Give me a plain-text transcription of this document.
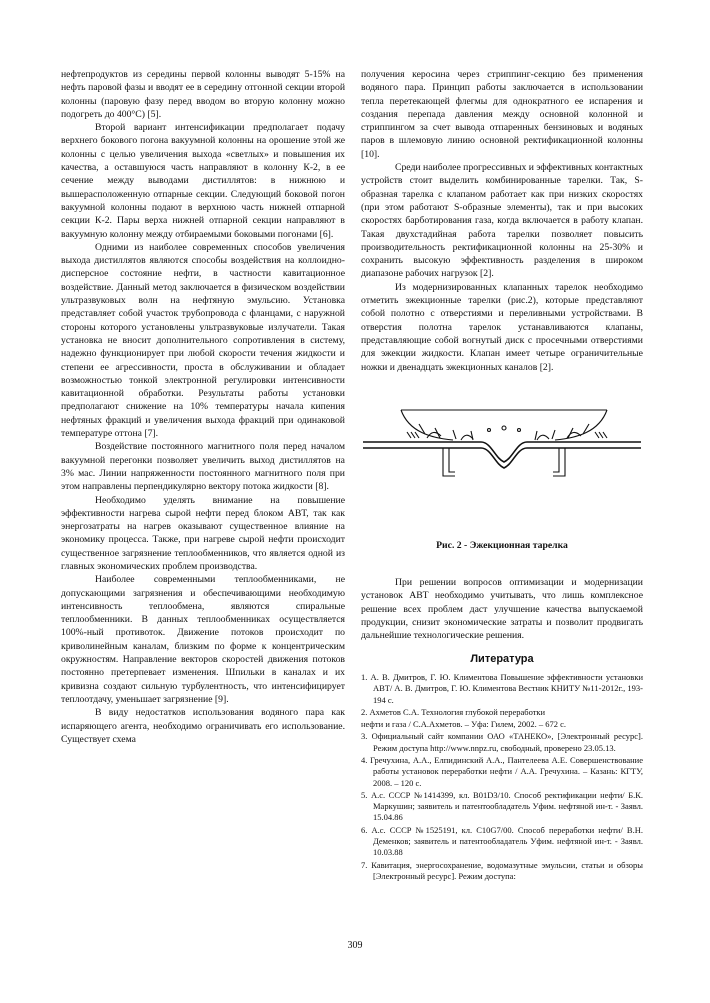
нефтепродуктов из середины первой колонны выводят 5-15% на нефть паровой фазы и вводят ее в середину отгонной секции второй колонны (паровую фазу перед вводом во вторую колонну можно подогреть до 400°С) [5].

Второй вариант интенсификации предполагает подачу верхнего бокового погона вакуумной колонны на орошение этой же колонны с целью увеличения выхода «светлых» и повышения их качества, а оставшуюся часть направляют в колонну К-2, в ее сечение между выводами дистиллятов: в нижнюю и вышерасположенную отпарные секции. Следующий боковой погон вакуумной колонны подают в верхнюю часть нижней отпарной секции К-2. Пары верха нижней отпарной секции направляют в вакуумную колонну между отбираемыми боковыми погонами [6].

Одними из наиболее современных способов увеличения выхода дистиллятов являются способы воздействия на коллоидно-дисперсное состояние нефти, в частности кавитационное воздействие. Данный метод заключается в физическом воздействии ультразвуковых волн на нефтяную эмульсию. Установка представляет собой участок трубопровода с фланцами, с наружной стороны которого установлены ультразвуковые излучатели. Такая установка не вносит дополнительного сопротивления в систему, надежно функционирует при любой скорости течения жидкости и степени ее агрессивности, проста в обслуживании и обладает возможностью тонкой электронной регулировки интенсивности кавитационной обработки. Результаты работы установки предполагают снижение на 10% температуры начала кипения нефтяных фракций и увеличения выхода фракций при одинаковой температуре оттона [7].

Воздействие постоянного магнитного поля перед началом вакуумной перегонки позволяет увеличить выход дистиллятов на 3% мас. Линии напряженности постоянного магнитного поля при этом направлены перпендикулярно вектору потока жидкости [8].

Необходимо уделять внимание на повышение эффективности нагрева сырой нефти перед блоком АВТ, так как энергозатраты на нагрев оказывают существенное влияние на экономику процесса. Также, при нагреве сырой нефти происходит существенное загрязнение теплообменников, что является одной из главных экономических проблем производства.

Наиболее современными теплообменниками, не допускающими загрязнения и обеспечивающими необходимую интенсивность теплообмена, являются спиральные теплообменники. В данных теплообменниках осуществляется 100%-ный противоток. Движение потоков происходит по криволинейным каналам, близким по форме к концентрическим окружностям. Направление векторов скоростей движения потоков постоянно претерпевает изменения. Шпильки в каналах и их кривизна создают сильную турбулентность, что интенсифицирует теплоотдачу, уменьшает загрязнение [9].

В виду недостатков использования водяного пара как испаряющего агента, необходимо ограничивать его использование. Существует схема

получения керосина через стриппинг-секцию без применения водяного пара. Принцип работы заключается в использовании тепла перетекающей флегмы для однократного ее испарения и создания перепада давления между основной колонной и стриппингом за счет вывода отпаренных бензиновых и водяных паров в шлемовую линию основной ректификационной колонны [10].

Среди наиболее прогрессивных и эффективных контактных устройств стоит выделить комбинированные тарелки. Так, S-образная тарелка с клапаном работает как при низких скоростях (при этом работают S-образные элементы), так и при высоких скоростях барботирования газа, когда включается в работу клапан. Такая двухстадийная работа тарелки позволяет повысить производительность ректификационной колонны на 25-30% и сохранить высокую эффективность разделения в широком диапазоне рабочих нагрузок [2].

Из модернизированных клапанных тарелок необходимо отметить эжекционные тарелки (рис.2), которые представляют собой полотно с отверстиями и переливными устройствами. В отверстия полотна тарелок устанавливаются клапаны, представляющие собой вогнутый диск с просечными отверстиями для эжекции жидкости. Клапан имеет четыре ограничительные ножки и двенадцать эжекционных каналов [2].

Рис. 2 - Эжекционная тарелка

При решении вопросов оптимизации и модернизации установок АВТ необходимо учитывать, что лишь комплексное решение всех проблем даст улучшение качества выпускаемой продукции, снизит экономические затраты и позволит продвигать дальнейшие технологические решения.

Литература
1. А. В. Дмитров, Г. Ю. Климентова Повышение эффективности установки АВТ/ А. В. Дмитров, Г. Ю. Климентова Вестник КНИТУ №11-2012г., 193-194 с.
2. Ахметов С.А. Технология глубокой переработки
нефти и газа / С.А.Ахметов. – Уфа: Гилем, 2002. – 672 с.
3. Официальный сайт компании ОАО «ТАНЕКО», [Электронный ресурс]. Режим доступа http://www.nnpz.ru, свободный, проверено 23.05.13.
4. Гречухина, А.А., Елпидинский А.А., Пантелеева А.Е. Совершенствование работы установок переработки нефти / А.А. Гречухина. – Казань: КГТУ, 2008. – 120 с.
5. А.с. СССР №1414399, кл. B01D3/10. Способ ректификации нефти/ Б.К. Маркушин; заявитель и патентообладатель Уфим. нефтяной ин-т. - Заявл. 15.04.86
6. А.с. СССР №1525191, кл. C10G7/00. Способ переработки нефти/ В.Н. Деменков; заявитель и патентообладатель Уфим. нефтяной ин-т. - Заявл. 10.03.88
7. Кавитация, энергосохранение, водомазутные эмульсии, статьи и обзоры [Электронный ресурс]. Режим доступа:
309
